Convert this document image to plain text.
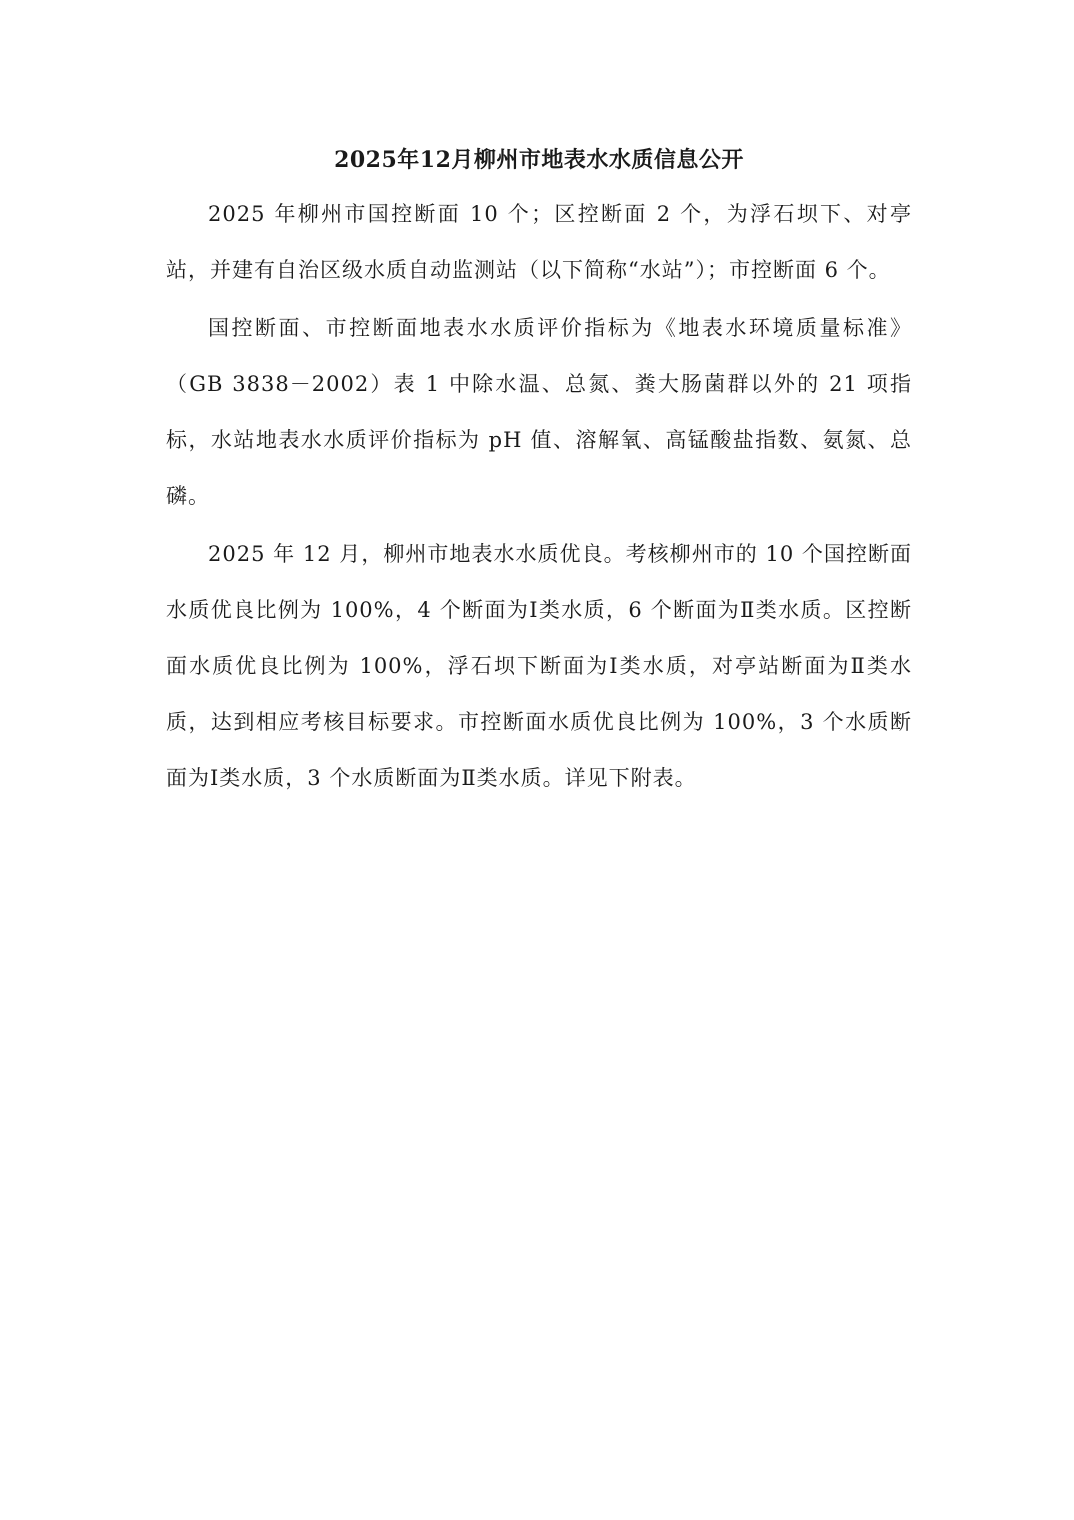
2025年12月柳州市地表水水质信息公开

2025 年柳州市国控断面 10 个；区控断面 2 个，为浮石坝下、对亭站，并建有自治区级水质自动监测站（以下简称“水站”）；市控断面 6 个。

国控断面、市控断面地表水水质评价指标为《地表水环境质量标准》（GB 3838－2002）表 1 中除水温、总氮、粪大肠菌群以外的 21 项指标，水站地表水水质评价指标为 pH 值、溶解氧、高锰酸盐指数、氨氮、总磷。

2025 年 12 月，柳州市地表水水质优良。考核柳州市的 10 个国控断面水质优良比例为 100%，4 个断面为Ⅰ类水质，6 个断面为Ⅱ类水质。区控断面水质优良比例为 100%，浮石坝下断面为Ⅰ类水质，对亭站断面为Ⅱ类水质，达到相应考核目标要求。市控断面水质优良比例为 100%，3 个水质断面为Ⅰ类水质，3 个水质断面为Ⅱ类水质。详见下附表。
